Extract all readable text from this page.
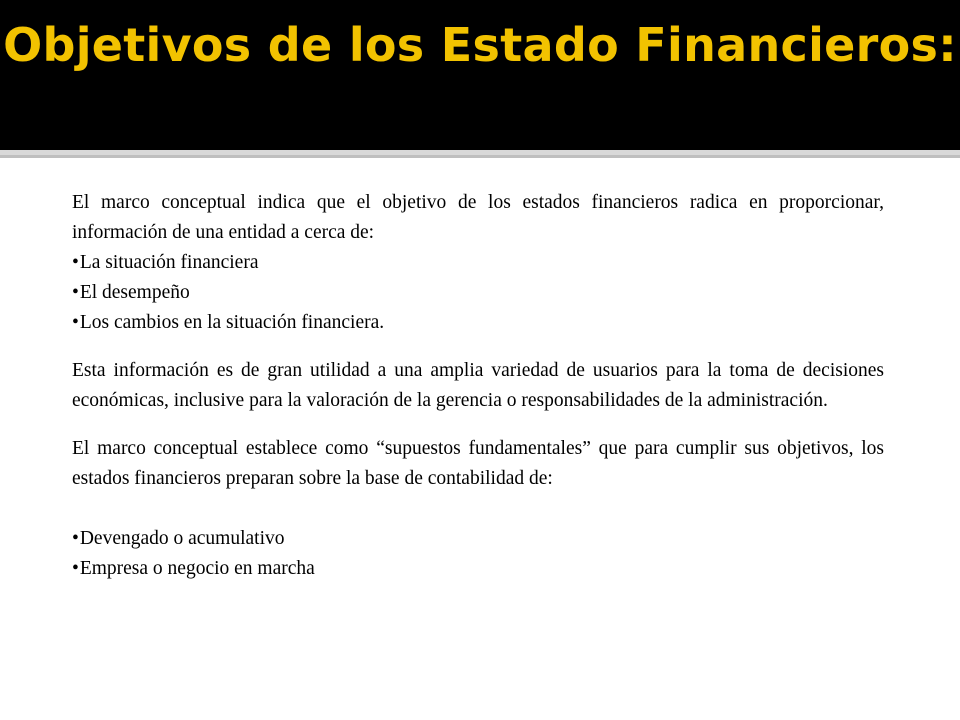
Objetivos de los Estado Financieros:

El marco conceptual indica que el objetivo de los estados financieros radica en proporcionar, información de una entidad a cerca de:

•La situación financiera

•El desempeño

•Los cambios en la situación financiera.

Esta información es de gran utilidad a una amplia variedad de usuarios para la toma de decisiones económicas, inclusive para la valoración de la gerencia o responsabilidades de la administración.

El marco conceptual establece como “supuestos fundamentales” que para cumplir sus objetivos, los estados financieros preparan sobre la base de contabilidad de:

•Devengado o acumulativo

•Empresa o negocio en marcha
